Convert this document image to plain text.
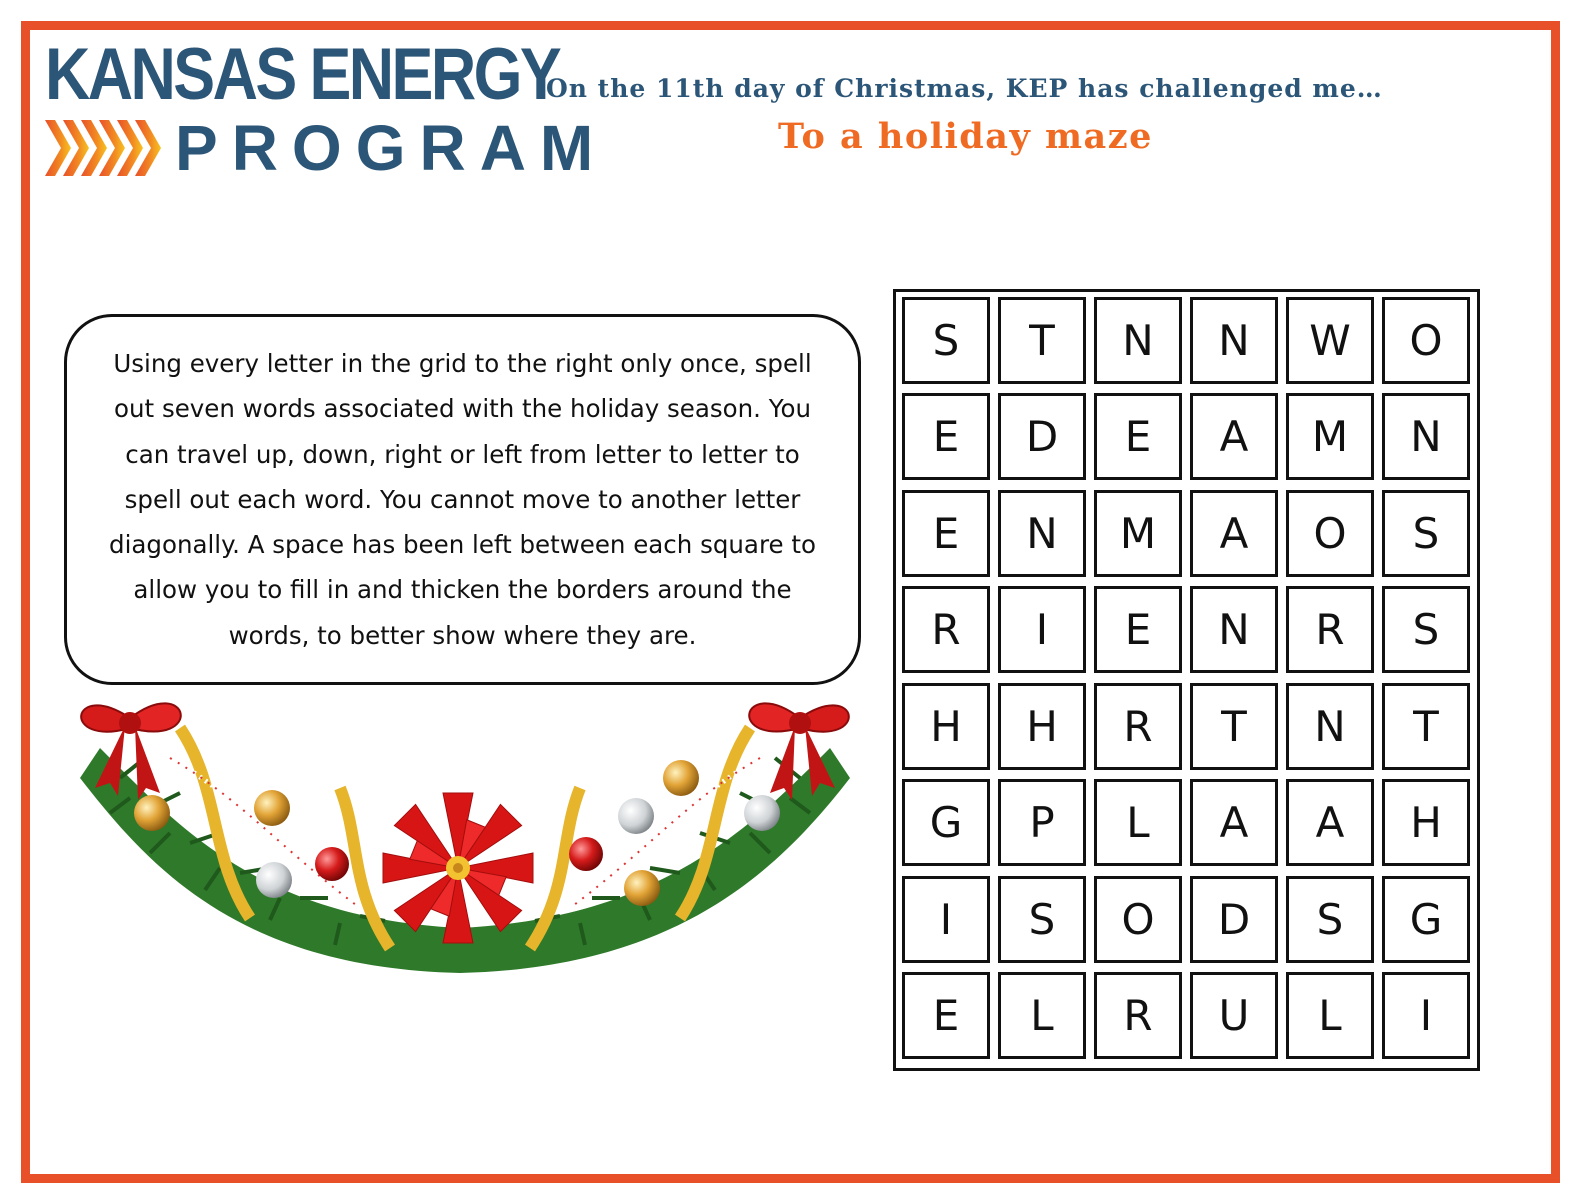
KANSAS ENERGY
PROGRAM
On the 11th day of Christmas, KEP has challenged me…
To a holiday maze

Using every letter in the grid to the right only once, spell out seven words associated with the holiday season. You can travel up, down, right or left from letter to letter to spell out each word. You cannot move to another letter diagonally. A space has been left between each square to allow you to fill in and thicken the borders around the words, to better show where they are.

S	T	N	N	W	O
E	D	E	A	M	N
E	N	M	A	O	S
R	I	E	N	R	S
H	H	R	T	N	T
G	P	L	A	A	H
I	S	O	D	S	G
E	L	R	U	L	I
